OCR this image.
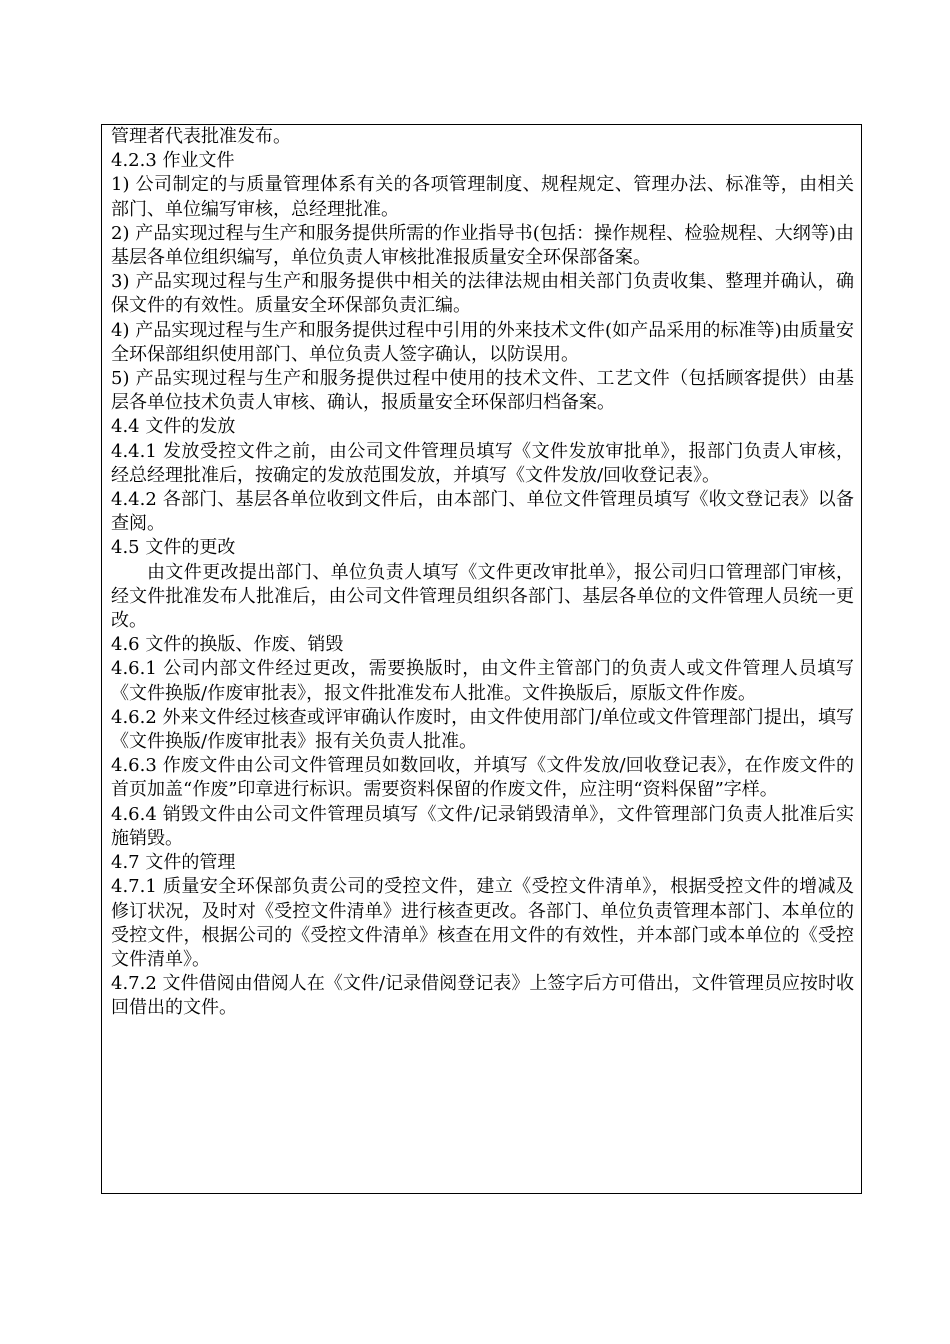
管理者代表批准发布。

4.2.3 作业文件

1) 公司制定的与质量管理体系有关的各项管理制度、规程规定、管理办法、标准等，由相关部门、单位编写审核，总经理批准。

2) 产品实现过程与生产和服务提供所需的作业指导书(包括：操作规程、检验规程、大纲等)由基层各单位组织编写，单位负责人审核批准报质量安全环保部备案。

3) 产品实现过程与生产和服务提供中相关的法律法规由相关部门负责收集、整理并确认，确保文件的有效性。质量安全环保部负责汇编。

4) 产品实现过程与生产和服务提供过程中引用的外来技术文件(如产品采用的标准等)由质量安全环保部组织使用部门、单位负责人签字确认，以防误用。

5) 产品实现过程与生产和服务提供过程中使用的技术文件、工艺文件（包括顾客提供）由基层各单位技术负责人审核、确认，报质量安全环保部归档备案。

4.4 文件的发放

4.4.1 发放受控文件之前，由公司文件管理员填写《文件发放审批单》，报部门负责人审核，经总经理批准后，按确定的发放范围发放，并填写《文件发放/回收登记表》。

4.4.2 各部门、基层各单位收到文件后，由本部门、单位文件管理员填写《收文登记表》以备查阅。

4.5 文件的更改

由文件更改提出部门、单位负责人填写《文件更改审批单》，报公司归口管理部门审核，经文件批准发布人批准后，由公司文件管理员组织各部门、基层各单位的文件管理人员统一更改。

4.6 文件的换版、作废、销毁

4.6.1 公司内部文件经过更改，需要换版时，由文件主管部门的负责人或文件管理人员填写《文件换版/作废审批表》，报文件批准发布人批准。文件换版后，原版文件作废。

4.6.2 外来文件经过核查或评审确认作废时，由文件使用部门/单位或文件管理部门提出，填写《文件换版/作废审批表》报有关负责人批准。

4.6.3 作废文件由公司文件管理员如数回收，并填写《文件发放/回收登记表》，在作废文件的首页加盖“作废”印章进行标识。需要资料保留的作废文件，应注明“资料保留”字样。

4.6.4 销毁文件由公司文件管理员填写《文件/记录销毁清单》，文件管理部门负责人批准后实施销毁。

4.7 文件的管理

4.7.1 质量安全环保部负责公司的受控文件，建立《受控文件清单》，根据受控文件的增减及修订状况，及时对《受控文件清单》进行核查更改。各部门、单位负责管理本部门、本单位的受控文件，根据公司的《受控文件清单》核查在用文件的有效性，并本部门或本单位的《受控文件清单》。

4.7.2 文件借阅由借阅人在《文件/记录借阅登记表》上签字后方可借出，文件管理员应按时收回借出的文件。
